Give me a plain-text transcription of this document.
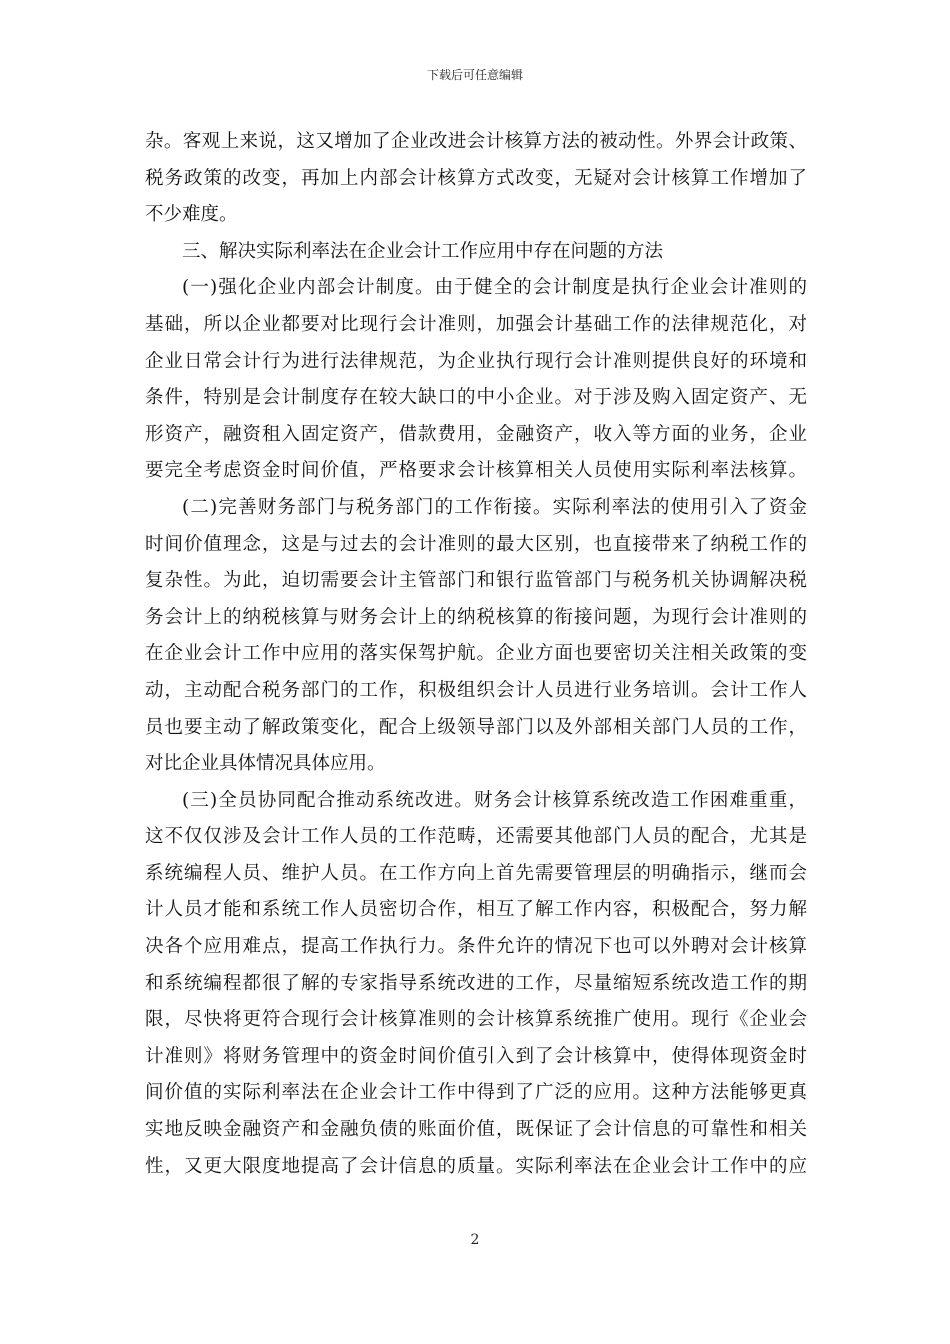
下载后可任意编辑
杂。客观上来说，这又增加了企业改进会计核算方法的被动性。外界会计政策、
税务政策的改变，再加上内部会计核算方式改变，无疑对会计核算工作增加了
不少难度。
三、解决实际利率法在企业会计工作应用中存在问题的方法
(一)强化企业内部会计制度。由于健全的会计制度是执行企业会计准则的
基础，所以企业都要对比现行会计准则，加强会计基础工作的法律规范化，对
企业日常会计行为进行法律规范，为企业执行现行会计准则提供良好的环境和
条件，特别是会计制度存在较大缺口的中小企业。对于涉及购入固定资产、无
形资产，融资租入固定资产，借款费用，金融资产，收入等方面的业务，企业
要完全考虑资金时间价值，严格要求会计核算相关人员使用实际利率法核算。
(二)完善财务部门与税务部门的工作衔接。实际利率法的使用引入了资金
时间价值理念，这是与过去的会计准则的最大区别，也直接带来了纳税工作的
复杂性。为此，迫切需要会计主管部门和银行监管部门与税务机关协调解决税
务会计上的纳税核算与财务会计上的纳税核算的衔接问题，为现行会计准则的
在企业会计工作中应用的落实保驾护航。企业方面也要密切关注相关政策的变
动，主动配合税务部门的工作，积极组织会计人员进行业务培训。会计工作人
员也要主动了解政策变化，配合上级领导部门以及外部相关部门人员的工作，
对比企业具体情况具体应用。
(三)全员协同配合推动系统改进。财务会计核算系统改造工作困难重重，
这不仅仅涉及会计工作人员的工作范畴，还需要其他部门人员的配合，尤其是
系统编程人员、维护人员。在工作方向上首先需要管理层的明确指示，继而会
计人员才能和系统工作人员密切合作，相互了解工作内容，积极配合，努力解
决各个应用难点，提高工作执行力。条件允许的情况下也可以外聘对会计核算
和系统编程都很了解的专家指导系统改进的工作，尽量缩短系统改造工作的期
限，尽快将更符合现行会计核算准则的会计核算系统推广使用。现行《企业会
计准则》将财务管理中的资金时间价值引入到了会计核算中，使得体现资金时
间价值的实际利率法在企业会计工作中得到了广泛的应用。这种方法能够更真
实地反映金融资产和金融负债的账面价值，既保证了会计信息的可靠性和相关
性，又更大限度地提高了会计信息的质量。实际利率法在企业会计工作中的应
2
